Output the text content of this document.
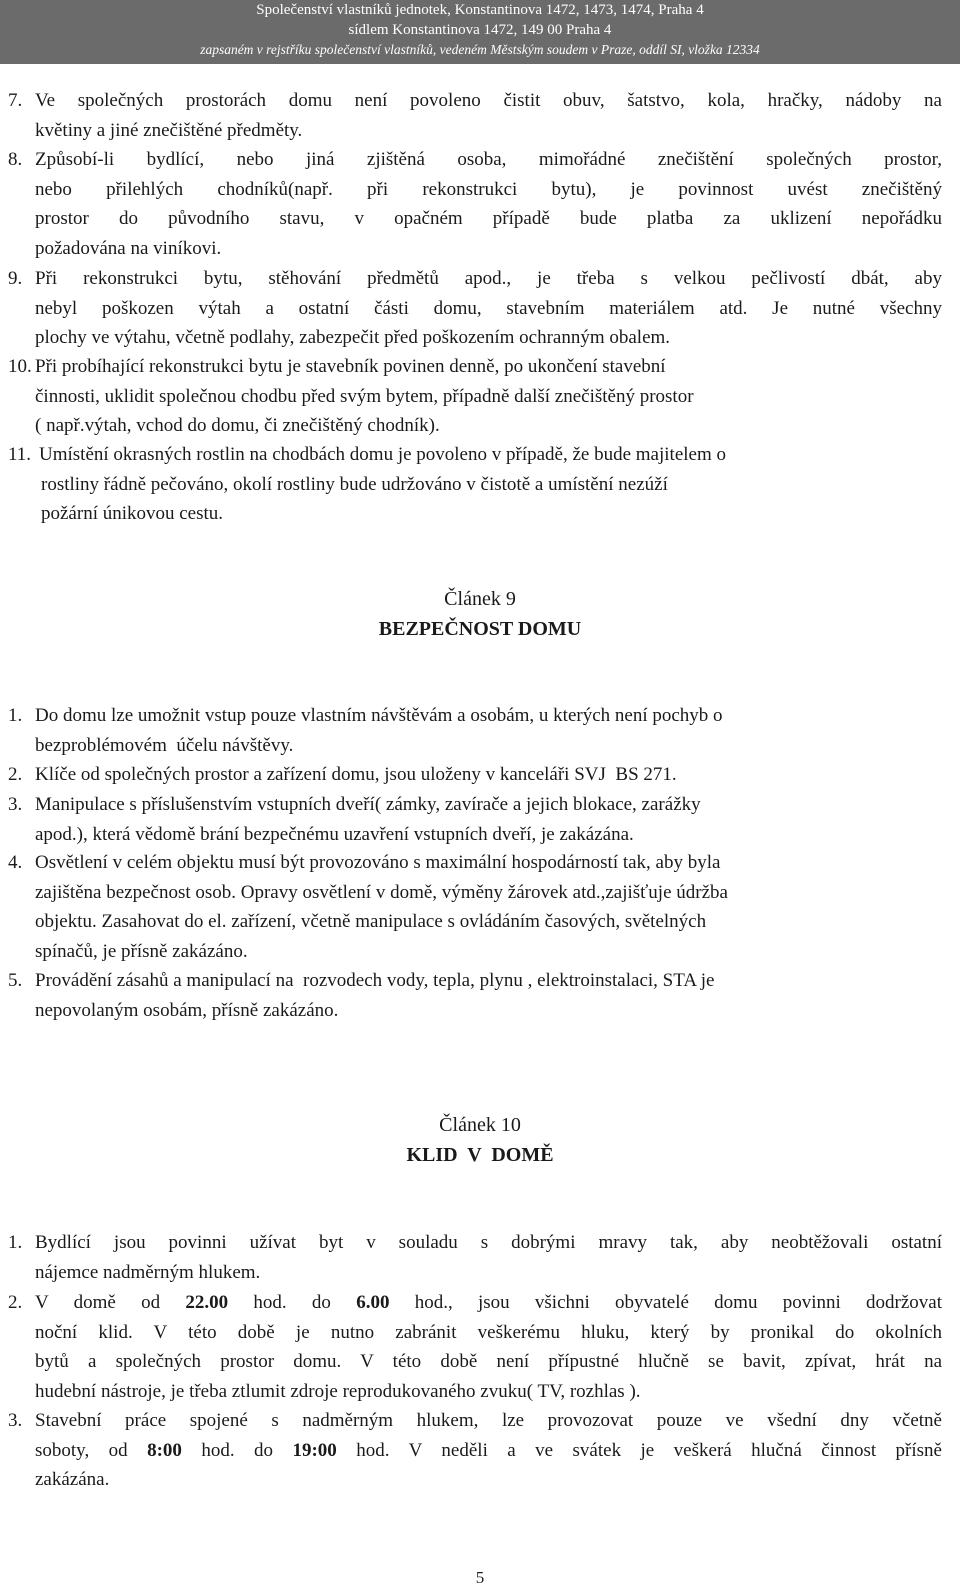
Společenství vlastníků jednotek, Konstantinova 1472, 1473, 1474, Praha 4
sídlem Konstantinova 1472, 149 00 Praha 4
zapsaném v rejstříku společenství vlastníků, vedeném Městským soudem v Praze, oddíl SI, vložka 12334
7. Ve společných prostorách domu není povoleno čistit obuv, šatstvo, kola, hračky, nádoby na
květiny a jiné znečištěné předměty.
8. Způsobí-li bydlící, nebo jiná zjištěná osoba, mimořádné znečištění společných prostor,
nebo přilehlých chodníků(např. při rekonstrukci bytu), je povinnost uvést znečištěný
prostor do původního stavu, v opačném případě bude platba za uklizení nepořádku
požadována na viníkovi.
9. Při rekonstrukci bytu, stěhování předmětů apod., je třeba s velkou pečlivostí dbát, aby
nebyl poškozen výtah a ostatní části domu, stavebním materiálem atd. Je nutné všechny
plochy ve výtahu, včetně podlahy, zabezpečit před poškozením ochranným obalem.
10. Při probíhající rekonstrukci bytu je stavebník povinen denně, po ukončení stavební
činnosti, uklidit společnou chodbu před svým bytem, případně další znečištěný prostor
( např.výtah, vchod do domu, či znečištěný chodník).
11. Umístění okrasných rostlin na chodbách domu je povoleno v případě, že bude majitelem o
rostliny řádně pečováno, okolí rostliny bude udržováno v čistotě a umístění nezúží
požární únikovou cestu.
Článek 9
BEZPEČNOST DOMU
1. Do domu lze umožnit vstup pouze vlastním návštěvám a osobám, u kterých není pochyb o
bezproblémovém  účelu návštěvy.
2. Klíče od společných prostor a zařízení domu, jsou uloženy v kanceláři SVJ  BS 271.
3. Manipulace s příslušenstvím vstupních dveří( zámky, zavírače a jejich blokace, zarážky
apod.), která vědomě brání bezpečnému uzavření vstupních dveří, je zakázána.
4. Osvětlení v celém objektu musí být provozováno s maximální hospodárností tak, aby byla
zajištěna bezpečnost osob. Opravy osvětlení v domě, výměny žárovek atd.,zajišťuje údržba
objektu. Zasahovat do el. zařízení, včetně manipulace s ovládáním časových, světelných
spínačů, je přísně zakázáno.
5. Provádění zásahů a manipulací na  rozvodech vody, tepla, plynu , elektroinstalaci, STA je
nepovolaným osobám, přísně zakázáno.
Článek 10
KLID  V  DOMĚ
1. Bydlící jsou povinni užívat byt v souladu s dobrými mravy tak, aby neobtěžovali ostatní
nájemce nadměrným hlukem.
2. V domě od 22.00 hod. do 6.00 hod., jsou všichni obyvatelé domu povinni dodržovat
noční klid. V této době je nutno zabránit veškerému hluku, který by pronikal do okolních
bytů a společných prostor domu. V této době není přípustné hlučně se bavit, zpívat, hrát na
hudební nástroje, je třeba ztlumit zdroje reprodukovaného zvuku( TV, rozhlas ).
3. Stavební práce spojené s nadměrným hlukem, lze provozovat pouze ve všední dny včetně
soboty, od 8:00 hod. do 19:00 hod. V neděli a ve svátek je veškerá hlučná činnost přísně
zakázána.
5
